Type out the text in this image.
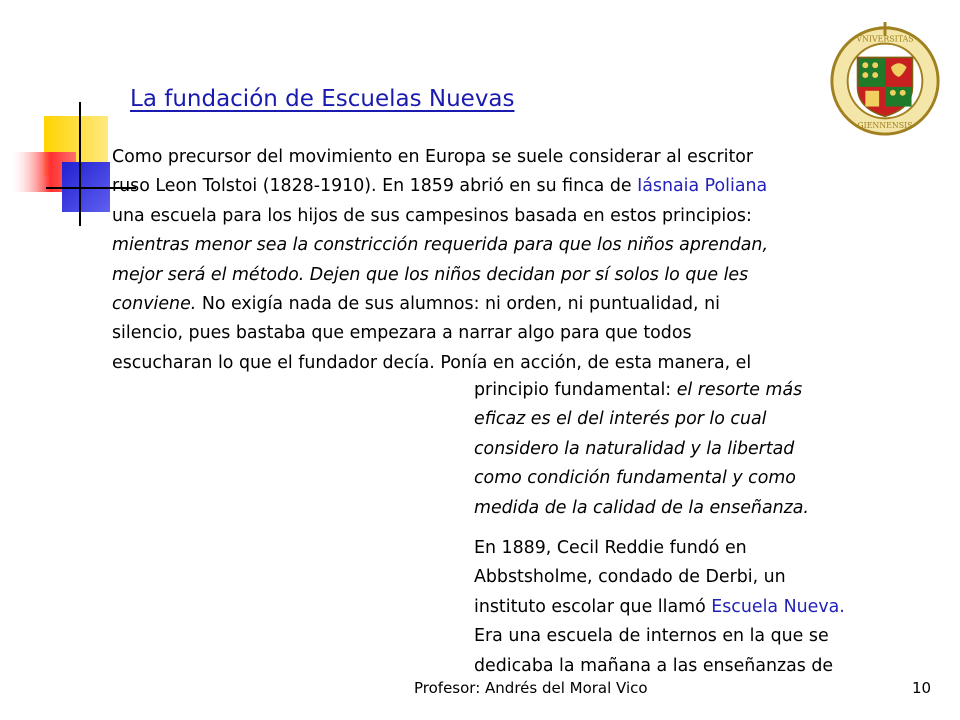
VNIVERSITAS
GIENNENSIS
La fundación de Escuelas Nuevas
Como precursor del movimiento en Europa se suele considerar al escritor
ruso Leon Tolstoi (1828-1910). En 1859 abrió en su finca de Iásnaia Poliana
una escuela para los hijos de sus campesinos basada en estos principios:
mientras menor sea la constricción requerida para que los niños aprendan,
mejor será el método. Dejen que los niños decidan por sí solos lo que les
conviene. No exigía nada de sus alumnos: ni orden, ni puntualidad, ni
silencio, pues bastaba que empezara a narrar algo para que todos
escucharan lo que el fundador decía. Ponía en acción, de esta manera, el
principio fundamental: el resorte más
eficaz es el del interés por lo cual
considero la naturalidad y la libertad
como condición fundamental y como
medida de la calidad de la enseñanza.
En 1889, Cecil Reddie fundó en
Abbstsholme, condado de Derbi, un
instituto escolar que llamó Escuela Nueva.
Era una escuela de internos en la que se
dedicaba la mañana a las enseñanzas de
Profesor: Andrés del Moral Vico	10
